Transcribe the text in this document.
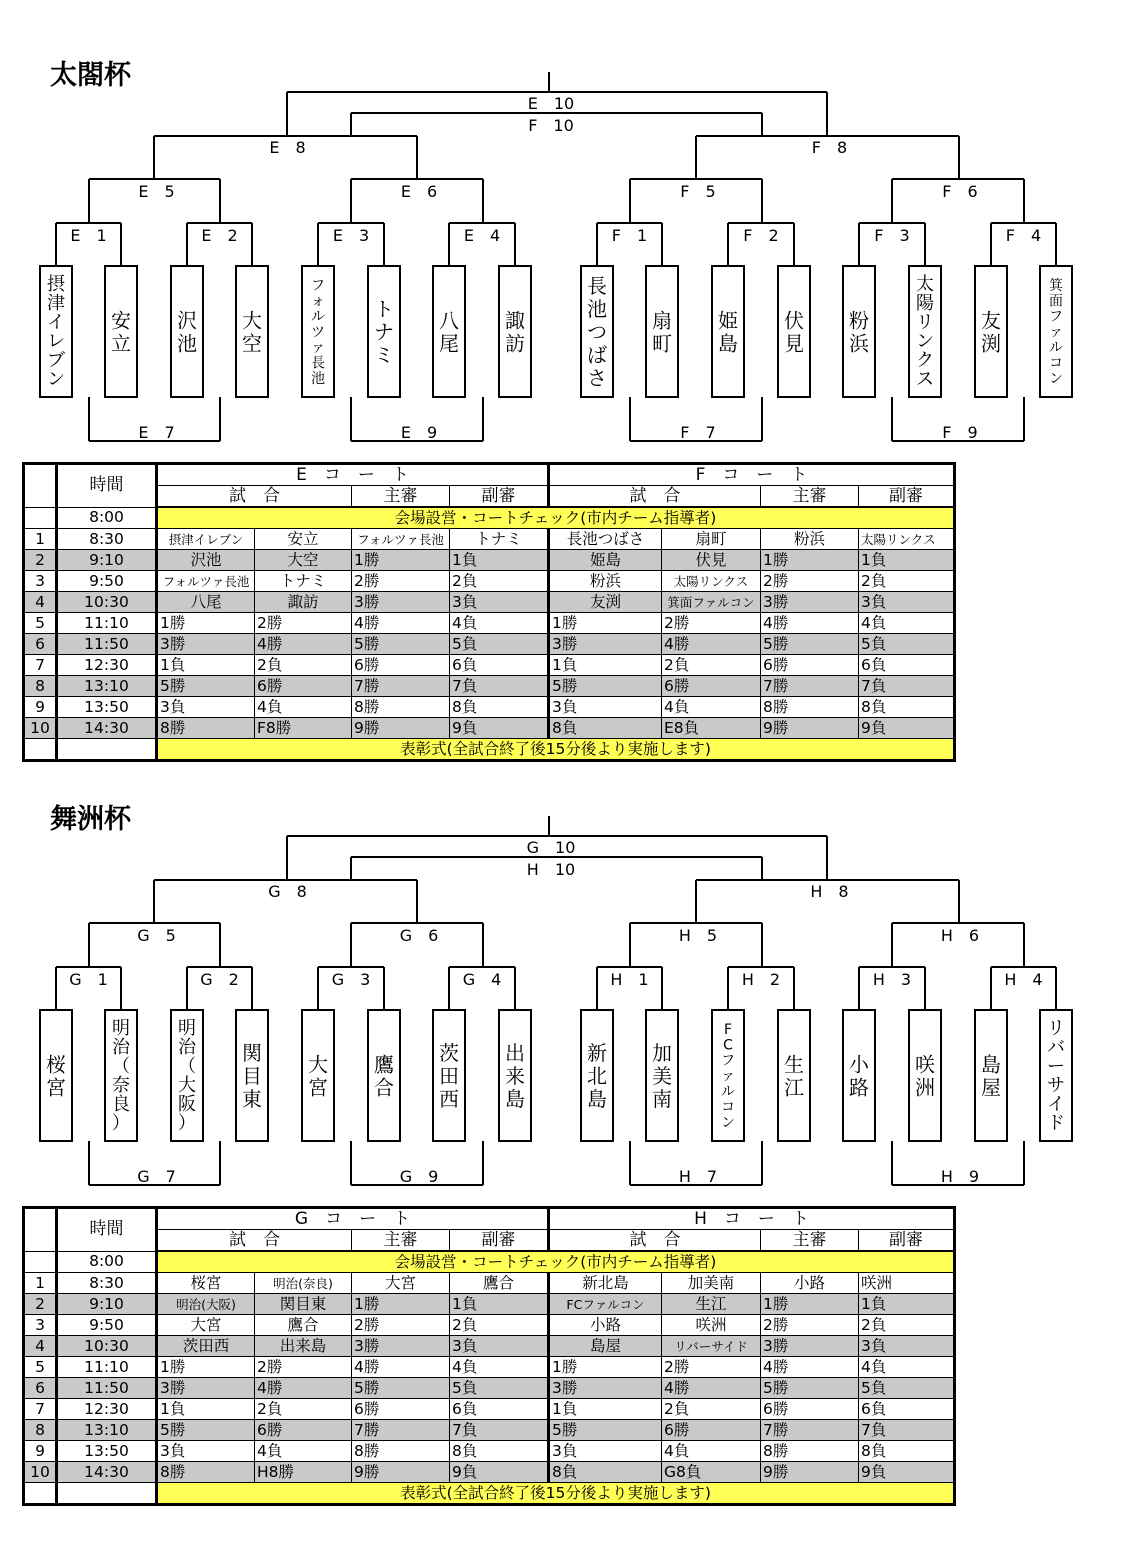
太閤杯
E　10
F　10
E　8	F　8
E　5	E　6	F　5	F　6
E　1	E　2	E　3	E　4	F　1	F　2	F　3	F　4
摂津イレブン
安立
沢池
大空
フォルツァ長池
トナミ
八尾
諏訪
長池つばさ
扇町
姫島
伏見
粉浜
太陽リンクス
友渕
箕面ファルコン
E　7	E　9	F　7	F　9
	時間	E　コ　ー　ト				F　コ　ー　ト			
		試　合		主審	副審	試　合		主審	副審
	8:00	会場設営・コートチェック(市内チーム指導者)							
1	8:30	摂津イレブン	安立	フォルツァ長池	トナミ	長池つばさ	扇町	粉浜	太陽リンクス
2	9:10	沢池	大空	1勝	1負	姫島	伏見	1勝	1負
3	9:50	フォルツァ長池	トナミ	2勝	2負	粉浜	太陽リンクス	2勝	2負
4	10:30	八尾	諏訪	3勝	3負	友渕	箕面ファルコン	3勝	3負
5	11:10	1勝	2勝	4勝	4負	1勝	2勝	4勝	4負
6	11:50	3勝	4勝	5勝	5負	3勝	4勝	5勝	5負
7	12:30	1負	2負	6勝	6負	1負	2負	6勝	6負
8	13:10	5勝	6勝	7勝	7負	5勝	6勝	7勝	7負
9	13:50	3負	4負	8勝	8負	3負	4負	8勝	8負
10	14:30	8勝	F8勝	9勝	9負	8負	E8負	9勝	9負
		表彰式(全試合終了後15分後より実施します)							
舞洲杯
G　10
H　10
G　8	H　8
G　5	G　6	H　5	H　6
G　1	G　2	G　3	G　4	H　1	H　2	H　3	H　4
桜宮
明治（奈良）
明治（大阪）
関目東
大宮
鷹合
茨田西
出来島
新北島
加美南
F C ファルコン
生江
小路
咲洲
島屋
リバーサイド
G　7	G　9	H　7	H　9
	時間	G　コ　ー　ト				H　コ　ー　ト			
		試　合		主審	副審	試　合		主審	副審
	8:00	会場設営・コートチェック(市内チーム指導者)							
1	8:30	桜宮	明治(奈良)	大宮	鷹合	新北島	加美南	小路	咲洲
2	9:10	明治(大阪)	関目東	1勝	1負	FCファルコン	生江	1勝	1負
3	9:50	大宮	鷹合	2勝	2負	小路	咲洲	2勝	2負
4	10:30	茨田西	出来島	3勝	3負	島屋	リバーサイド	3勝	3負
5	11:10	1勝	2勝	4勝	4負	1勝	2勝	4勝	4負
6	11:50	3勝	4勝	5勝	5負	3勝	4勝	5勝	5負
7	12:30	1負	2負	6勝	6負	1負	2負	6勝	6負
8	13:10	5勝	6勝	7勝	7負	5勝	6勝	7勝	7負
9	13:50	3負	4負	8勝	8負	3負	4負	8勝	8負
10	14:30	8勝	H8勝	9勝	9負	8負	G8負	9勝	9負
		表彰式(全試合終了後15分後より実施します)							
